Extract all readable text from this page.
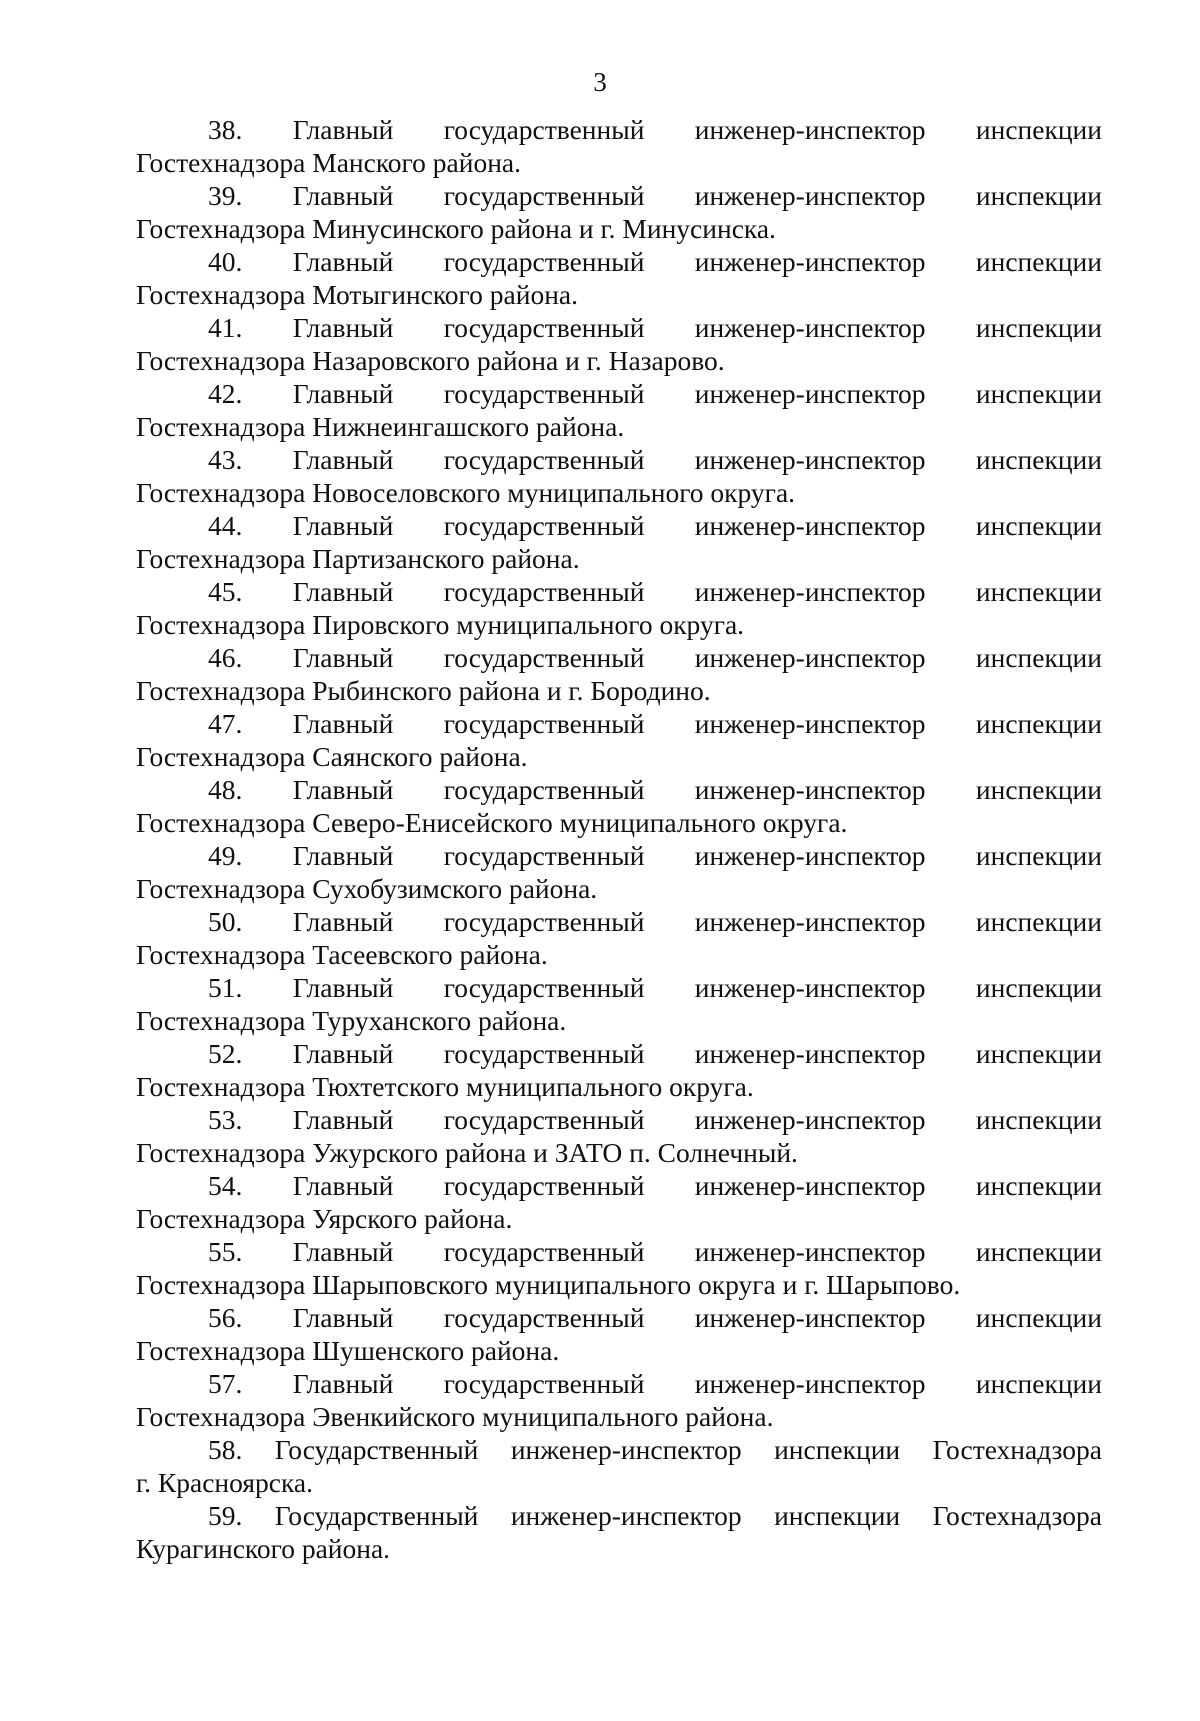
3
38. Главный государственный инженер-инспектор инспекции
Гостехнадзора Манского района.
39. Главный государственный инженер-инспектор инспекции
Гостехнадзора Минусинского района и г. Минусинска.
40. Главный государственный инженер-инспектор инспекции
Гостехнадзора Мотыгинского района.
41. Главный государственный инженер-инспектор инспекции
Гостехнадзора Назаровского района и г. Назарово.
42. Главный государственный инженер-инспектор инспекции
Гостехнадзора Нижнеингашского района.
43. Главный государственный инженер-инспектор инспекции
Гостехнадзора Новоселовского муниципального округа.
44. Главный государственный инженер-инспектор инспекции
Гостехнадзора Партизанского района.
45. Главный государственный инженер-инспектор инспекции
Гостехнадзора Пировского муниципального округа.
46. Главный государственный инженер-инспектор инспекции
Гостехнадзора Рыбинского района и г. Бородино.
47. Главный государственный инженер-инспектор инспекции
Гостехнадзора Саянского района.
48. Главный государственный инженер-инспектор инспекции
Гостехнадзора Северо-Енисейского муниципального округа.
49. Главный государственный инженер-инспектор инспекции
Гостехнадзора Сухобузимского района.
50. Главный государственный инженер-инспектор инспекции
Гостехнадзора Тасеевского района.
51. Главный государственный инженер-инспектор инспекции
Гостехнадзора Туруханского района.
52. Главный государственный инженер-инспектор инспекции
Гостехнадзора Тюхтетского муниципального округа.
53. Главный государственный инженер-инспектор инспекции
Гостехнадзора Ужурского района и ЗАТО п. Солнечный.
54. Главный государственный инженер-инспектор инспекции
Гостехнадзора Уярского района.
55. Главный государственный инженер-инспектор инспекции
Гостехнадзора Шарыповского муниципального округа и г. Шарыпово.
56. Главный государственный инженер-инспектор инспекции
Гостехнадзора Шушенского района.
57. Главный государственный инженер-инспектор инспекции
Гостехнадзора Эвенкийского муниципального района.
58. Государственный инженер-инспектор инспекции Гостехнадзора
г. Красноярска.
59. Государственный инженер-инспектор инспекции Гостехнадзора
Курагинского района.
